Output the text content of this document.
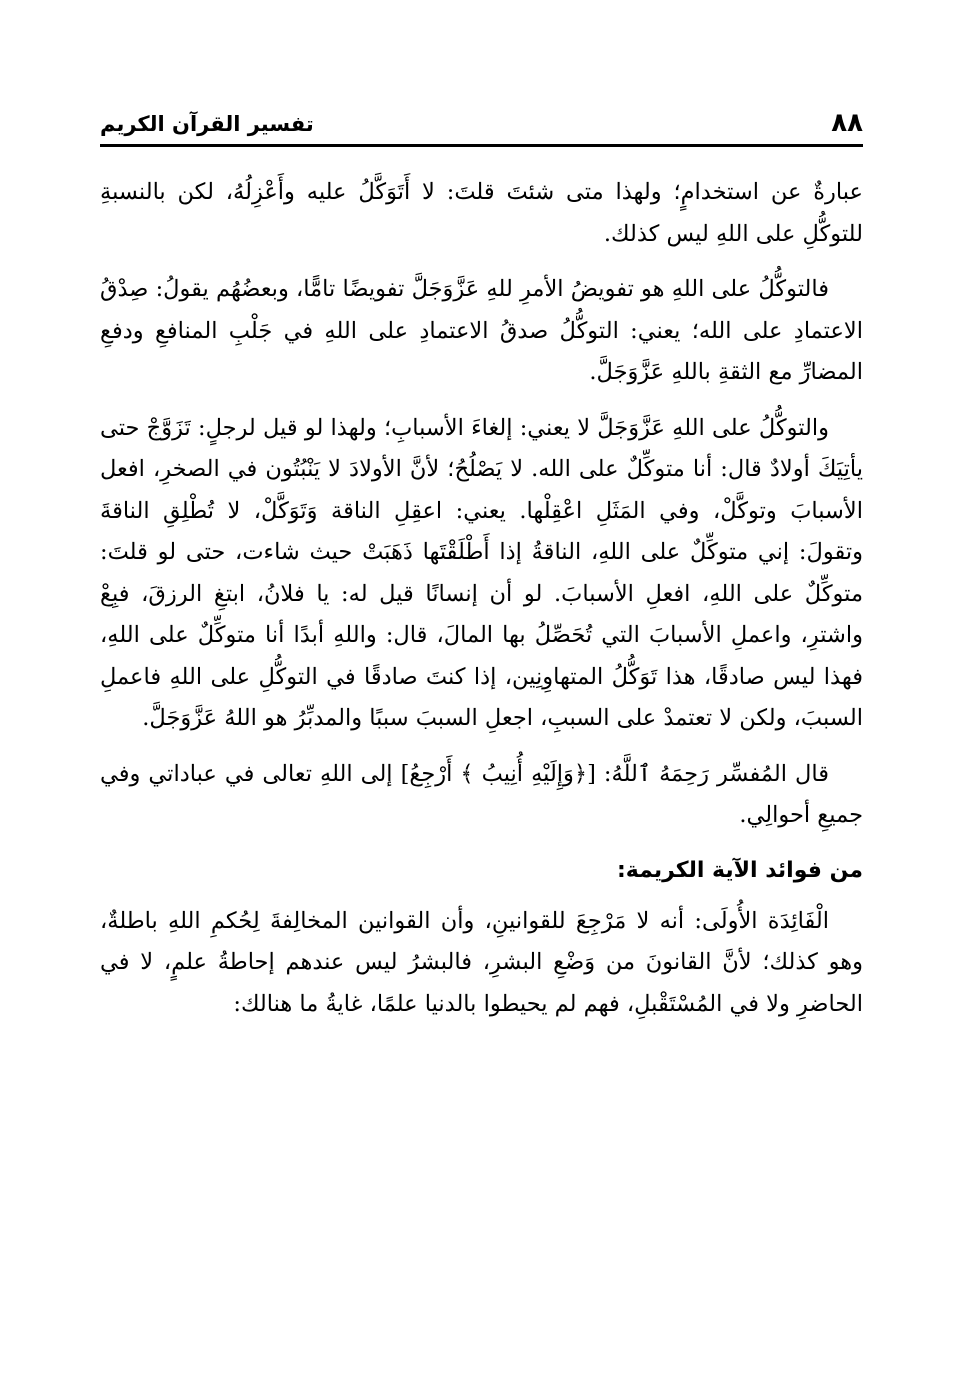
تفسير القرآن الكريم	٨٨

عبارةٌ عن استخدامٍ؛ ولهذا متى شئتَ قلتَ: لا أَتَوَكَّلُ عليه وأَعْزِلُهُ، لكن بالنسبةِ للتوكُّلِ على اللهِ ليس كذلك.

فالتوكُّلُ على اللهِ هو تفويضُ الأمرِ للهِ عَزَّوَجَلَّ تفويضًا تامًّا، وبعضُهُم يقولُ: صِدْقُ الاعتمادِ على الله؛ يعني: التوكُّلُ صدقُ الاعتمادِ على اللهِ في جَلْبِ المنافعِ ودفعِ المضارِّ مع الثقةِ باللهِ عَزَّوَجَلَّ.

والتوكُّلُ على اللهِ عَزَّوَجَلَّ لا يعني: إلغاءَ الأسبابِ؛ ولهذا لو قيل لرجلٍ: تَزَوَّجْ حتى يأتِيَكَ أولادٌ قال: أنا متوكِّلٌ على الله. لا يَصْلُحُ؛ لأنَّ الأولادَ لا يَنْبُتُون في الصخرِ، افعل الأسبابَ وتوكَّلْ، وفي المَثَلِ اعْقِلْها. يعني: اعقِلِ الناقة وَتَوَكَّلْ، لا تُطْلِقِ الناقةَ وتقولَ: إني متوكِّلٌ على اللهِ، الناقةُ إذا أَطْلَقْتَها ذَهَبَتْ حيث شاءت، حتى لو قلتَ: متوكِّلٌ على اللهِ، افعلِ الأسبابَ. لو أن إنسانًا قيل له: يا فلانُ، ابتغِ الرزقَ، فبِعْ واشترِ، واعملِ الأسبابَ التي تُحَصِّلُ بها المالَ، قال: واللهِ أبدًا أنا متوكِّلٌ على اللهِ، فهذا ليس صادقًا، هذا تَوَكُّلُ المتهاوِنِين، إذا كنتَ صادقًا في التوكُّلِ على اللهِ فاعملِ السببَ، ولكن لا تعتمدْ على السببِ، اجعلِ السببَ سببًا والمدبِّرُ هو اللهُ عَزَّوَجَلَّ.

قال المُفسِّر رَحِمَهُ ٱللَّهُ: [﴿وَإِلَيْهِ أُنِيبُ ﴾ أَرْجِعُ] إلى اللهِ تعالى في عباداتي وفي جميعِ أحوالِي.

من فوائد الآية الكريمة:

الْفَائِدَة الأُولَى: أنه لا مَرْجِعَ للقوانينِ، وأن القوانين المخالِفةَ لِحُكمِ اللهِ باطلةٌ، وهو كذلك؛ لأنَّ القانونَ من وَضْعِ البشرِ، فالبشرُ ليس عندهم إحاطةُ علمٍ، لا في الحاضرِ ولا في المُسْتَقْبلِ، فهم لم يحيطوا بالدنيا علمًا، غايةُ ما هنالك:
